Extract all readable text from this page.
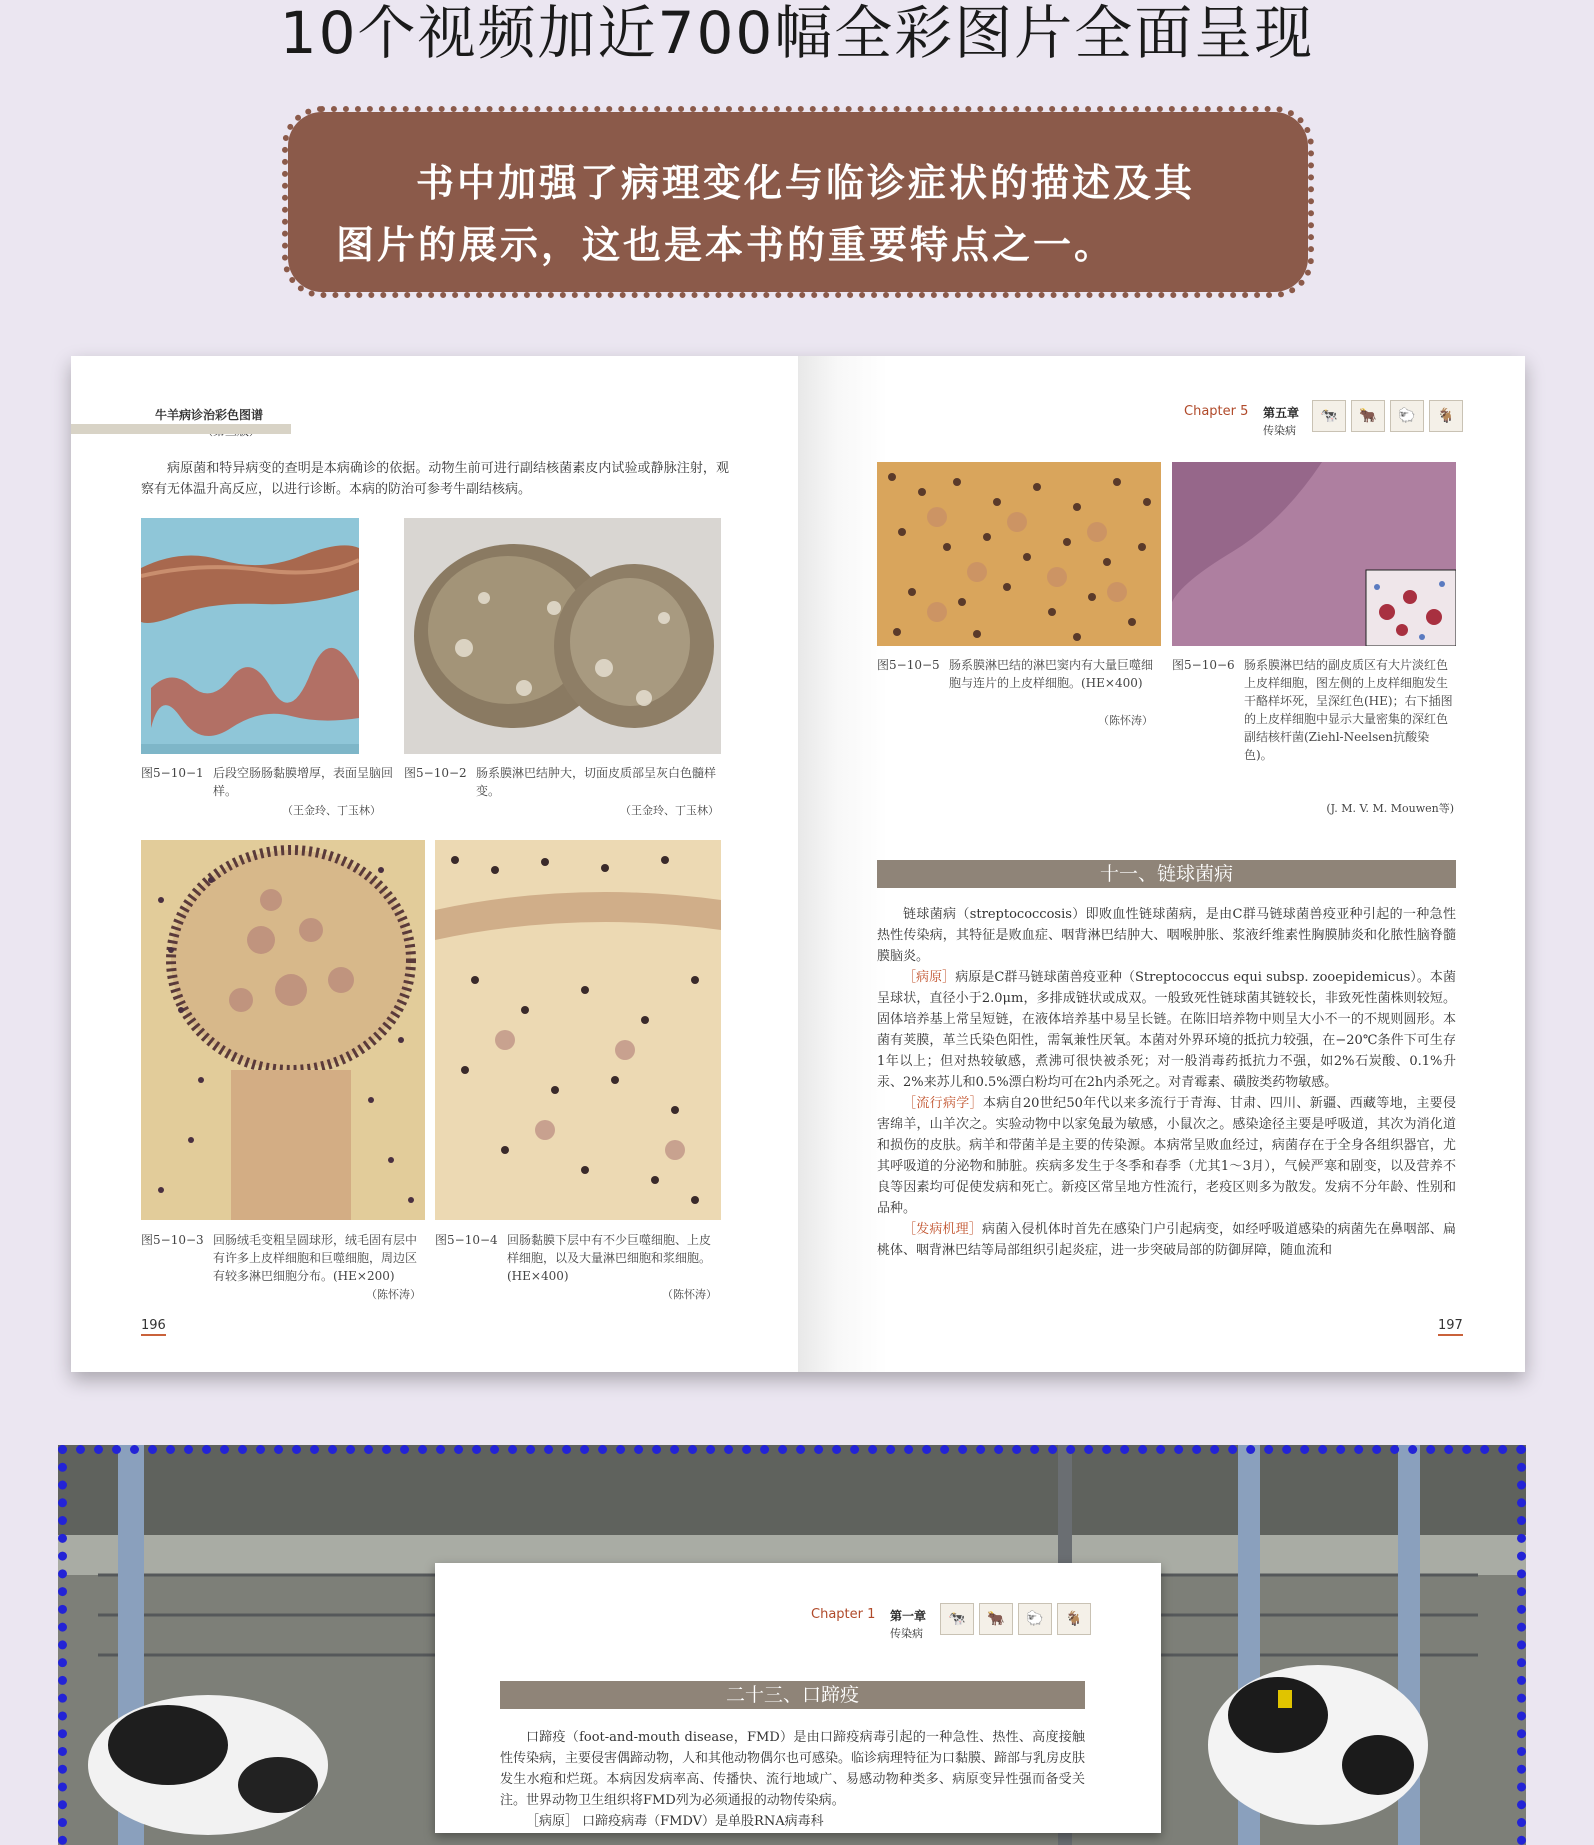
10个视频加近700幅全彩图片全面呈现

书中加强了病理变化与临诊症状的描述及其

图片的展示，这也是本书的重要特点之一。

牛羊病诊治彩色图谱
病原菌和特异病变的查明是本病确诊的依据。动物生前可进行副结核菌素皮内试验或静脉注射，观察有无体温升高反应，以进行诊断。本病的防治可参考牛副结核病。
图5−10−1 后段空肠肠黏膜增厚，表面呈脑回样。
（王金玲、丁玉林）
图5−10−2 肠系膜淋巴结肿大，切面皮质部呈灰白色髓样变。
（王金玲、丁玉林）
图5−10−3 回肠绒毛变粗呈圆球形，绒毛固有层中有许多上皮样细胞和巨噬细胞，周边区有较多淋巴细胞分布。(HE×200)
（陈怀涛）
图5−10−4 回肠黏膜下层中有不少巨噬细胞、上皮样细胞，以及大量淋巴细胞和浆细胞。(HE×400)
（陈怀涛）
196
Chapter 5 第五章
传染病
🐄	🐂	🐑	🐐
图5−10−5 肠系膜淋巴结的淋巴窦内有大量巨噬细胞与连片的上皮样细胞。(HE×400)
（陈怀涛）
图5−10−6 肠系膜淋巴结的副皮质区有大片淡红色上皮样细胞，图左侧的上皮样细胞发生干酪样坏死，呈深红色(HE)；右下插图的上皮样细胞中显示大量密集的深红色副结核杆菌(Ziehl-Neelsen抗酸染色)。
(J. M. V. M. Mouwen等)
十一、链球菌病
链球菌病（streptococcosis）即败血性链球菌病，是由C群马链球菌兽疫亚种引起的一种急性热性传染病，其特征是败血症、咽背淋巴结肿大、咽喉肿胀、浆液纤维素性胸膜肺炎和化脓性脑脊髓膜脑炎。
［病原］病原是C群马链球菌兽疫亚种（Streptococcus equi subsp. zooepidemicus）。本菌呈球状，直径小于2.0μm，多排成链状或成双。一般致死性链球菌其链较长，非致死性菌株则较短。固体培养基上常呈短链，在液体培养基中易呈长链。在陈旧培养物中则呈大小不一的不规则圆形。本菌有荚膜，革兰氏染色阳性，需氧兼性厌氧。本菌对外界环境的抵抗力较强，在−20℃条件下可生存1年以上；但对热较敏感，煮沸可很快被杀死；对一般消毒药抵抗力不强，如2%石炭酸、0.1%升汞、2%来苏儿和0.5%漂白粉均可在2h内杀死之。对青霉素、磺胺类药物敏感。
［流行病学］本病自20世纪50年代以来多流行于青海、甘肃、四川、新疆、西藏等地，主要侵害绵羊，山羊次之。实验动物中以家兔最为敏感，小鼠次之。感染途径主要是呼吸道，其次为消化道和损伤的皮肤。病羊和带菌羊是主要的传染源。本病常呈败血经过，病菌存在于全身各组织器官，尤其呼吸道的分泌物和肺脏。疾病多发生于冬季和春季（尤其1～3月），气候严寒和剧变，以及营养不良等因素均可促使发病和死亡。新疫区常呈地方性流行，老疫区则多为散发。发病不分年龄、性别和品种。
［发病机理］病菌入侵机体时首先在感染门户引起病变，如经呼吸道感染的病菌先在鼻咽部、扁桃体、咽背淋巴结等局部组织引起炎症，进一步突破局部的防御屏障，随血流和
197
Chapter 1 第一章
传染病
🐄	🐂	🐑	🐐
二十三、口蹄疫
口蹄疫（foot-and-mouth disease，FMD）是由口蹄疫病毒引起的一种急性、热性、高度接触性传染病，主要侵害偶蹄动物，人和其他动物偶尔也可感染。临诊病理特征为口黏膜、蹄部与乳房皮肤发生水疱和烂斑。本病因发病率高、传播快、流行地域广、易感动物种类多、病原变异性强而备受关注。世界动物卫生组织将FMD列为必须通报的动物传染病。
［病原］ 口蹄疫病毒（FMDV）是单股RNA病毒科
